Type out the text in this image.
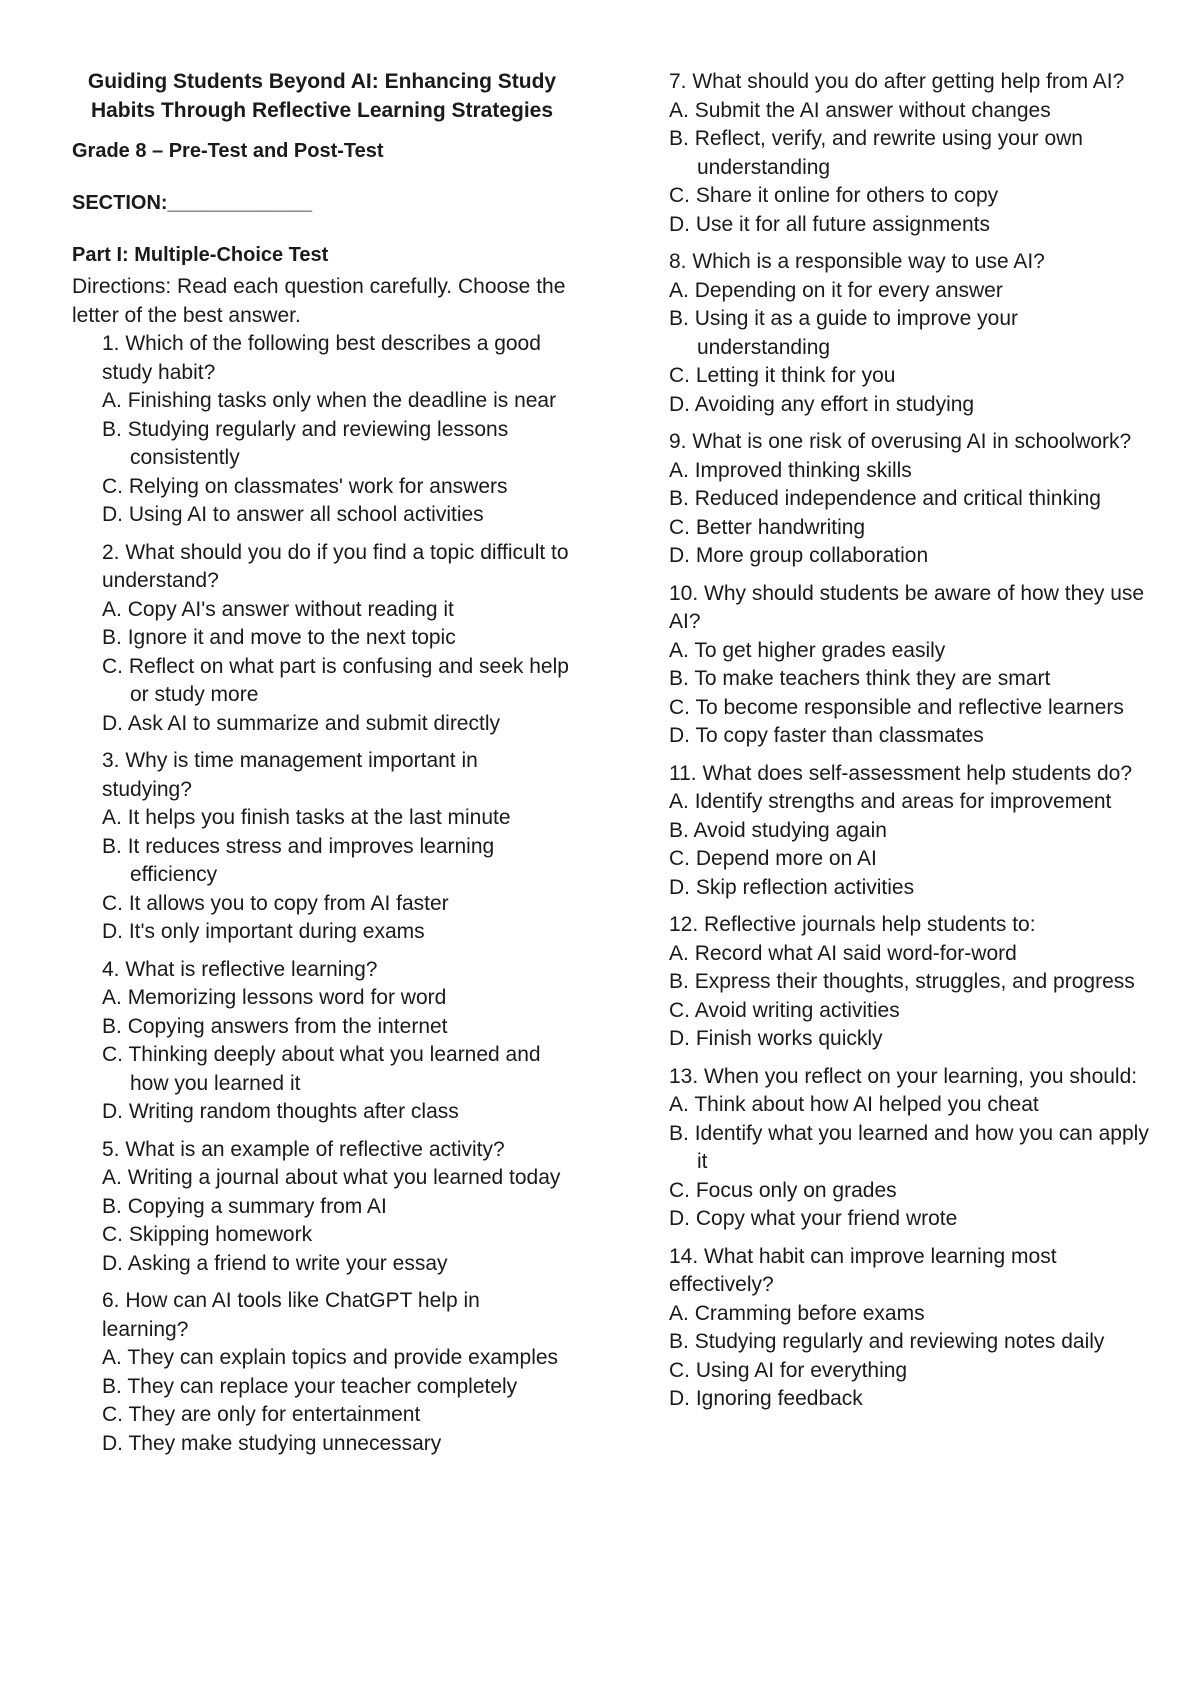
Guiding Students Beyond AI: Enhancing Study Habits Through Reflective Learning Strategies
Grade 8 – Pre-Test and Post-Test
SECTION:_____________
Part I: Multiple-Choice Test
Directions: Read each question carefully. Choose the letter of the best answer.
1. Which of the following best describes a good study habit?
A. Finishing tasks only when the deadline is near
B. Studying regularly and reviewing lessons consistently
C. Relying on classmates' work for answers
D. Using AI to answer all school activities
2. What should you do if you find a topic difficult to understand?
A. Copy AI's answer without reading it
B. Ignore it and move to the next topic
C. Reflect on what part is confusing and seek help or study more
D. Ask AI to summarize and submit directly
3. Why is time management important in studying?
A. It helps you finish tasks at the last minute
B. It reduces stress and improves learning efficiency
C. It allows you to copy from AI faster
D. It's only important during exams
4. What is reflective learning?
A. Memorizing lessons word for word
B. Copying answers from the internet
C. Thinking deeply about what you learned and how you learned it
D. Writing random thoughts after class
5. What is an example of reflective activity?
A. Writing a journal about what you learned today
B. Copying a summary from AI
C. Skipping homework
D. Asking a friend to write your essay
6. How can AI tools like ChatGPT help in learning?
A. They can explain topics and provide examples
B. They can replace your teacher completely
C. They are only for entertainment
D. They make studying unnecessary
7. What should you do after getting help from AI?
A. Submit the AI answer without changes
B. Reflect, verify, and rewrite using your own understanding
C. Share it online for others to copy
D. Use it for all future assignments
8. Which is a responsible way to use AI?
A. Depending on it for every answer
B. Using it as a guide to improve your understanding
C. Letting it think for you
D. Avoiding any effort in studying
9. What is one risk of overusing AI in schoolwork?
A. Improved thinking skills
B. Reduced independence and critical thinking
C. Better handwriting
D. More group collaboration
10. Why should students be aware of how they use AI?
A. To get higher grades easily
B. To make teachers think they are smart
C. To become responsible and reflective learners
D. To copy faster than classmates
11. What does self-assessment help students do?
A. Identify strengths and areas for improvement
B. Avoid studying again
C. Depend more on AI
D. Skip reflection activities
12. Reflective journals help students to:
A. Record what AI said word-for-word
B. Express their thoughts, struggles, and progress
C. Avoid writing activities
D. Finish works quickly
13. When you reflect on your learning, you should:
A. Think about how AI helped you cheat
B. Identify what you learned and how you can apply it
C. Focus only on grades
D. Copy what your friend wrote
14. What habit can improve learning most effectively?
A. Cramming before exams
B. Studying regularly and reviewing notes daily
C. Using AI for everything
D. Ignoring feedback
